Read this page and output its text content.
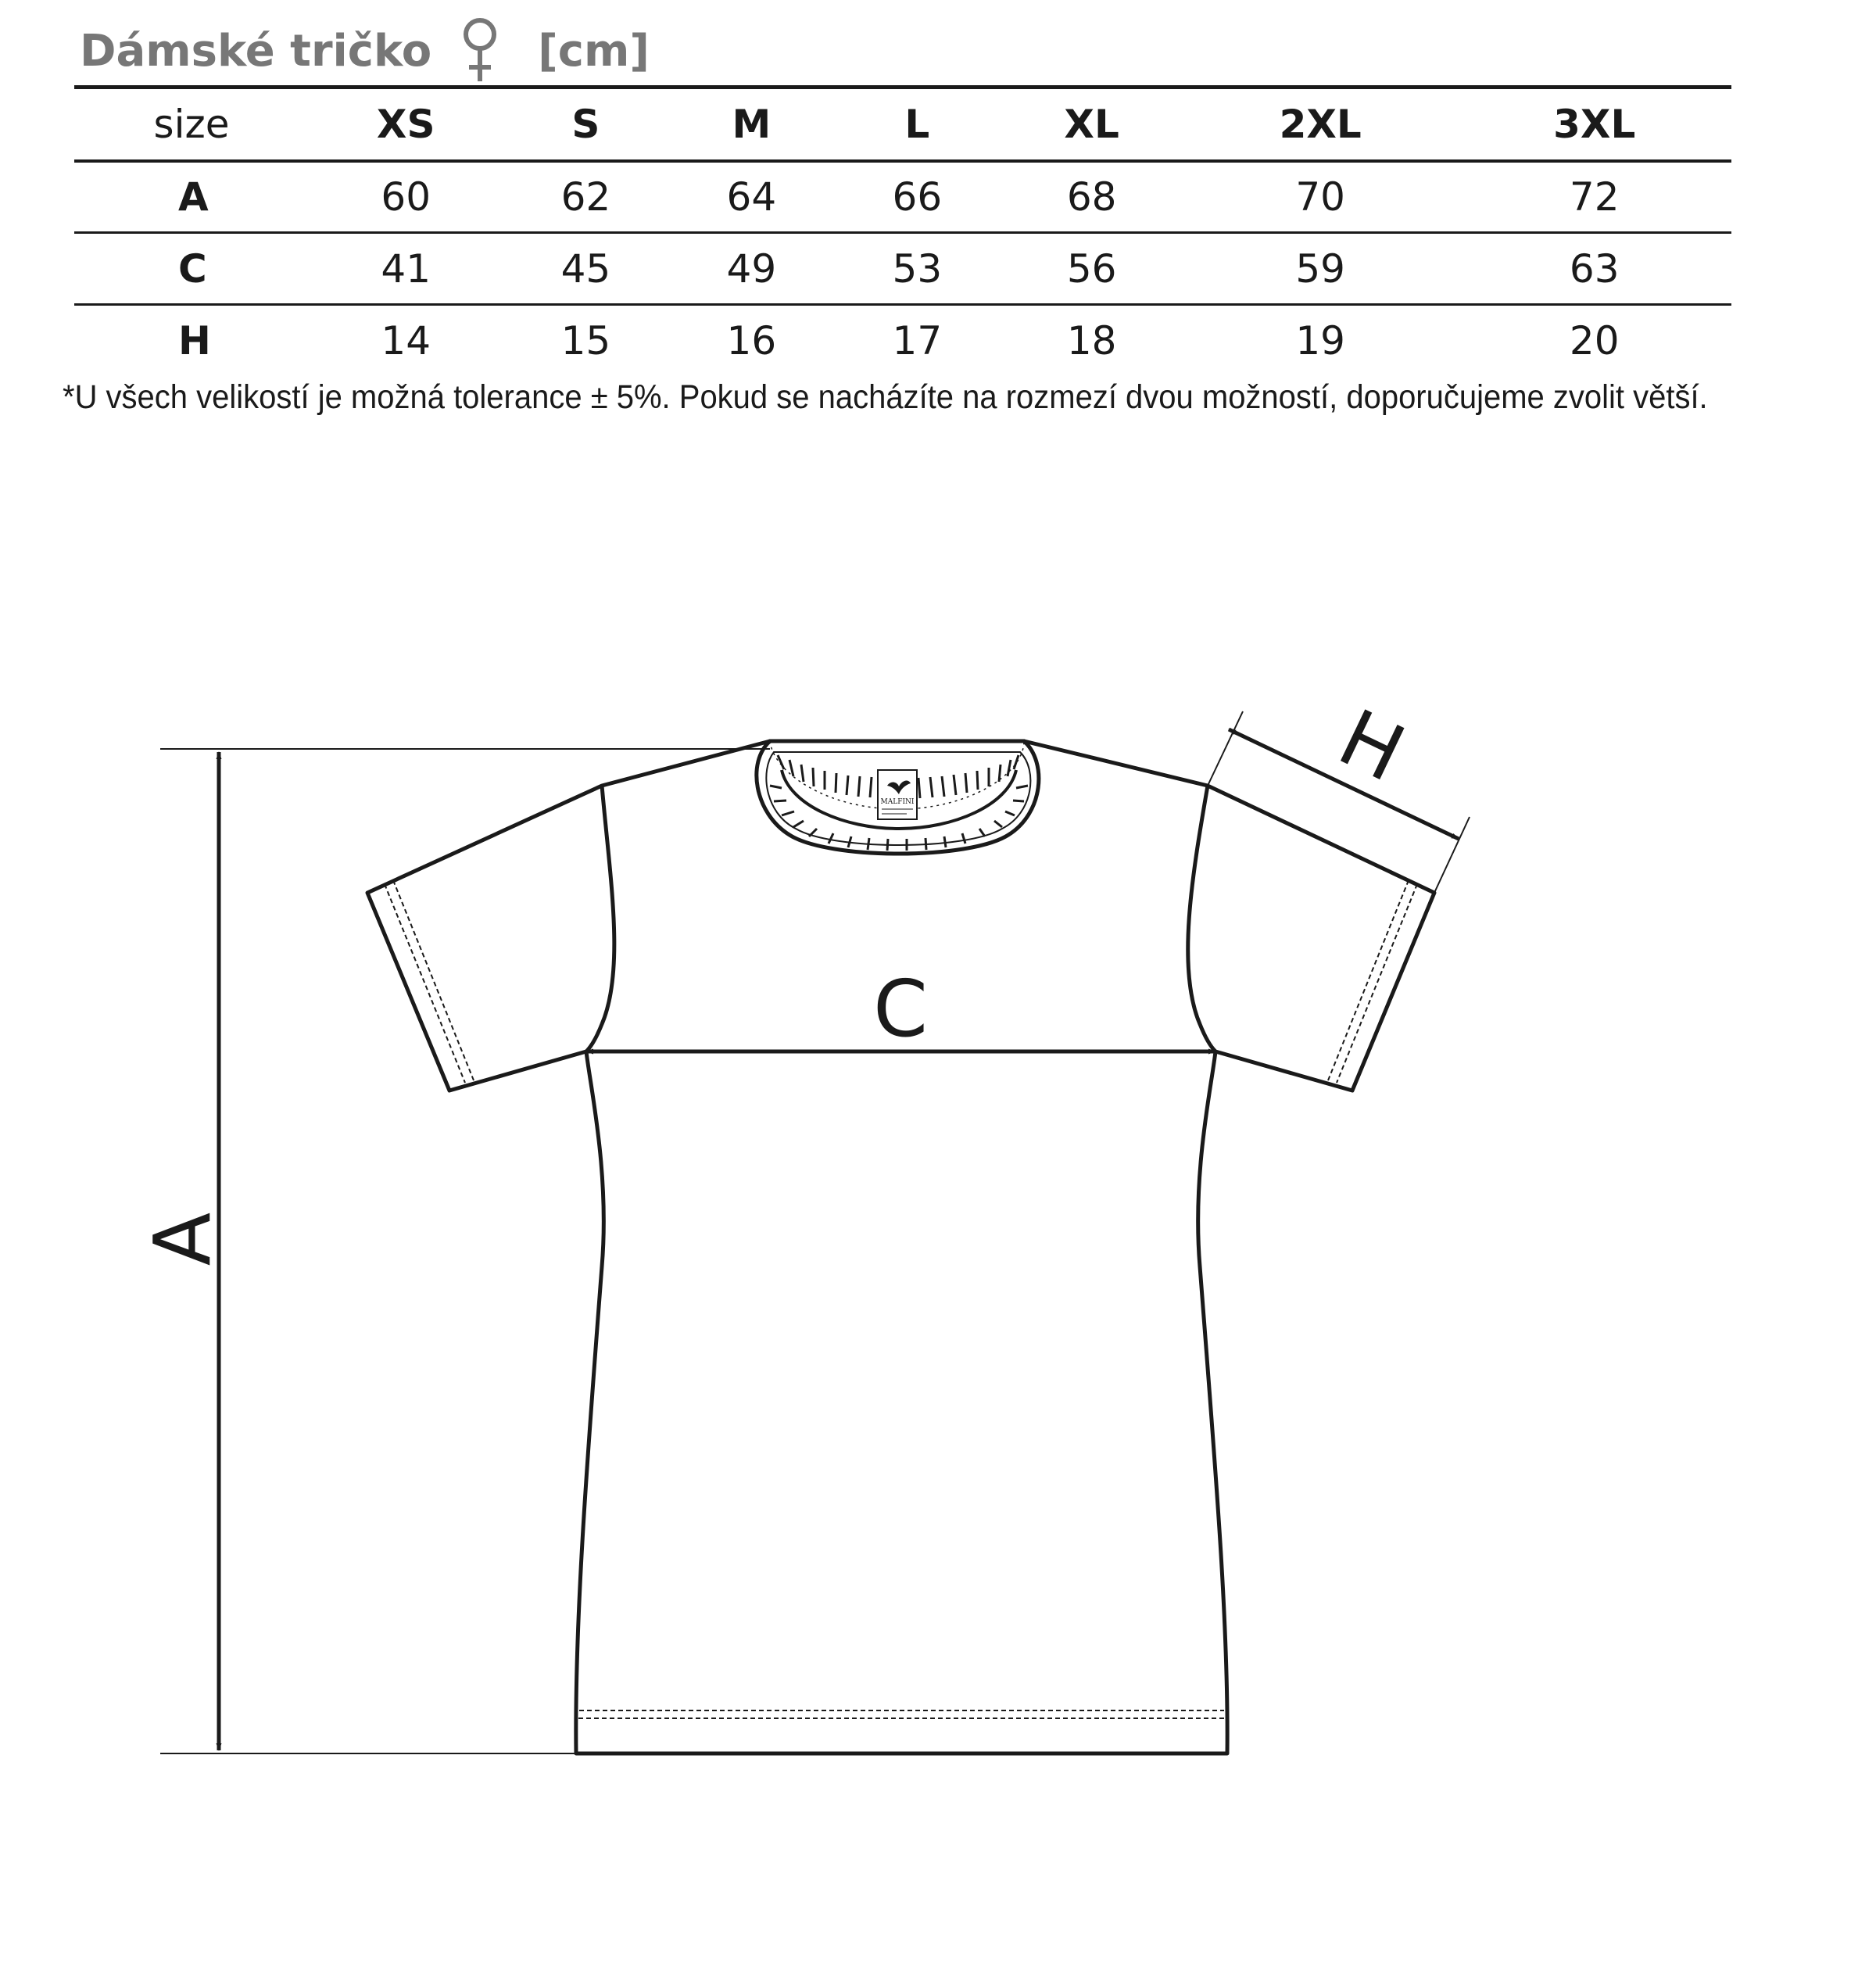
Dámské tričko [cm]
size	XS	S	M	L	XL	2XL	3XL
A	60	62	64	66	68	70	72
C	41	45	49	53	56	59	63
H	14	15	16	17	18	19	20
*U všech velikostí je možná tolerance ± 5%. Pokud se nacházíte na rozmezí dvou možností, doporučujeme zvolit větší.
MALFINI
A
C
H
